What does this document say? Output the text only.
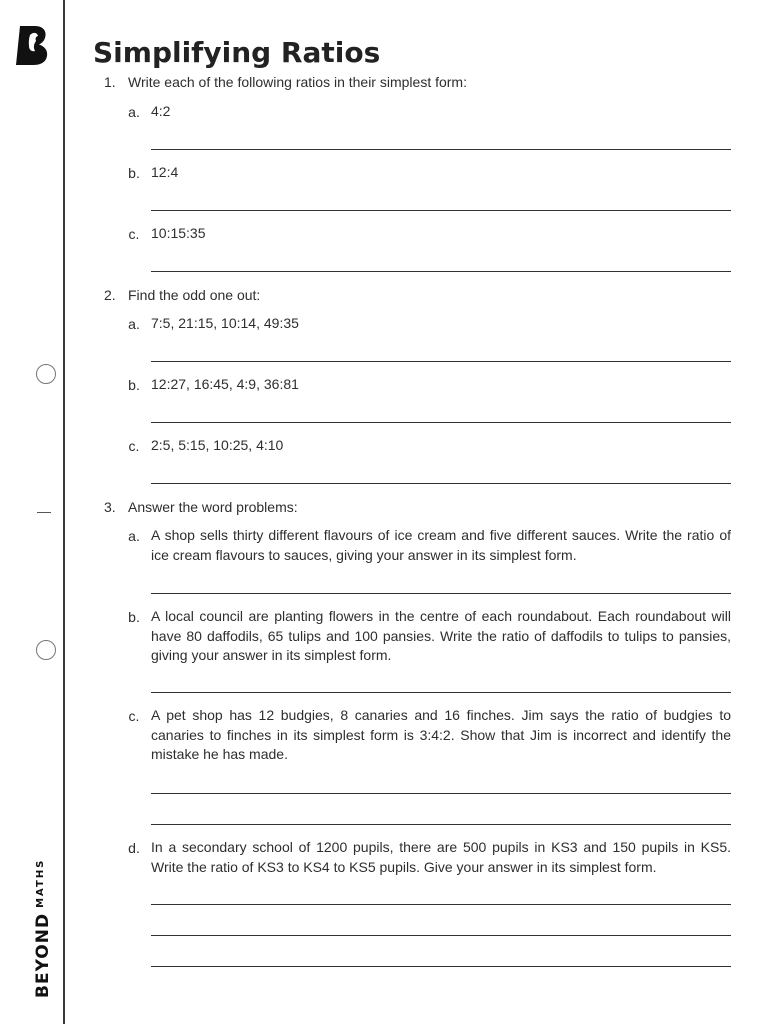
$BEYOND^{MATHS}$
Simplifying Ratios
1. Write each of the following ratios in their simplest form:
a. 4:2
b. 12:4
c. 10:15:35
2. Find the odd one out:
a. 7:5, 21:15, 10:14, 49:35
b. 12:27, 16:45, 4:9, 36:81
c. 2:5, 5:15, 10:25, 4:10
3. Answer the word problems:
a. A shop sells thirty different flavours of ice cream and five different sauces. Write the ratio of ice cream flavours to sauces, giving your answer in its simplest form.
b. A local council are planting flowers in the centre of each roundabout. Each roundabout will have 80 daffodils, 65 tulips and 100 pansies. Write the ratio of daffodils to tulips to pansies, giving your answer in its simplest form.
c. A pet shop has 12 budgies, 8 canaries and 16 finches. Jim says the ratio of budgies to canaries to finches in its simplest form is 3:4:2. Show that Jim is incorrect and identify the mistake he has made.
d. In a secondary school of 1200 pupils, there are 500 pupils in KS3 and 150 pupils in KS5. Write the ratio of KS3 to KS4 to KS5 pupils. Give your answer in its simplest form.
